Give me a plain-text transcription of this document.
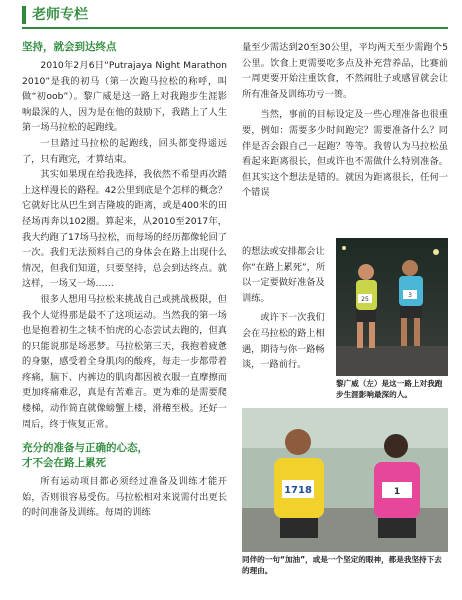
老师专栏
坚持，就会到达终点

2010年2月6日“Putrajaya Night Marathon 2010”是我的初马（第一次跑马拉松的称呼，叫做“初oob”）。黎广威是这一路上对我跑步生涯影响最深的人，因为是在他的鼓励下，我踏上了人生第一场马拉松的起跑线。

一旦踏过马拉松的起跑线，回头都变得遥远了，只有跑完，才算结束。

其实如果现在给我选择，我依然不希望再次踏上这样漫长的路程。42公里到底是个怎样的概念？它就好比从巴生到吉隆坡的距离，或是400米的田径场再奔以102圈。算起来，从2010至2017年，我大约跑了17场马拉松，而每场的经历都像轮回了一次。我们无法预料自己的身体会在路上出现什么情况，但我们知道，只要坚持，总会到达终点。就这样，一场又一场……

很多人想用马拉松来挑战自己或挑战极限，但我个人觉得那是最不了这项运动。当然我的第一场也是抱着初生之犊不怕虎的心态尝试去跑的，但真的只能说那是场恶梦。马拉松第三天，我抱着疲惫的身躯，感受着全身肌肉的酸疼，每走一步都带着疼痛，脑下、内裤边的肌肉都因被衣服一直摩擦而更加疼痛难忍，真是有苦难言。更为难的是需要爬楼梯，动作简直就像螃蟹上楼，滑稽至极。还好一周后，终于恢复正常。

充分的准备与正确的心态，
才不会在路上累死

所有运动项目都必须经过准备及训练才能开始，否则很容易受伤。马拉松相对来说需付出更长的时间准备及训练。每周的训练

量至少需达到20至30公里，平均两天至少需跑个5公里。饮食上更需要吃多点及补充营养品，比赛前一周更要开始注重饮食，不然闹肚子或感冒就会让所有准备及训练功亏一篑。

当然，事前的目标设定及一些心理准备也很重要，例如：需要多少时间跑完？需要准备什么？同伴是否会跟自己一起跑？等等。我曾认为马拉松虽看起来距离很长，但或许也不需做什么特别准备。但其实这个想法是错的。就因为距离很长，任何一个错误

的想法或安排都会让你“在路上累死”，所以一定要做好准备及训练。

或许下一次我们会在马拉松的路上相遇，期待与你一路畅谈，一路前行。

25
3
黎广威（左）是这一路上对我跑步生涯影响最深的人。
1718	1
同伴的一句“加油”，或是一个坚定的眼神，都是我坚持下去的理由。
